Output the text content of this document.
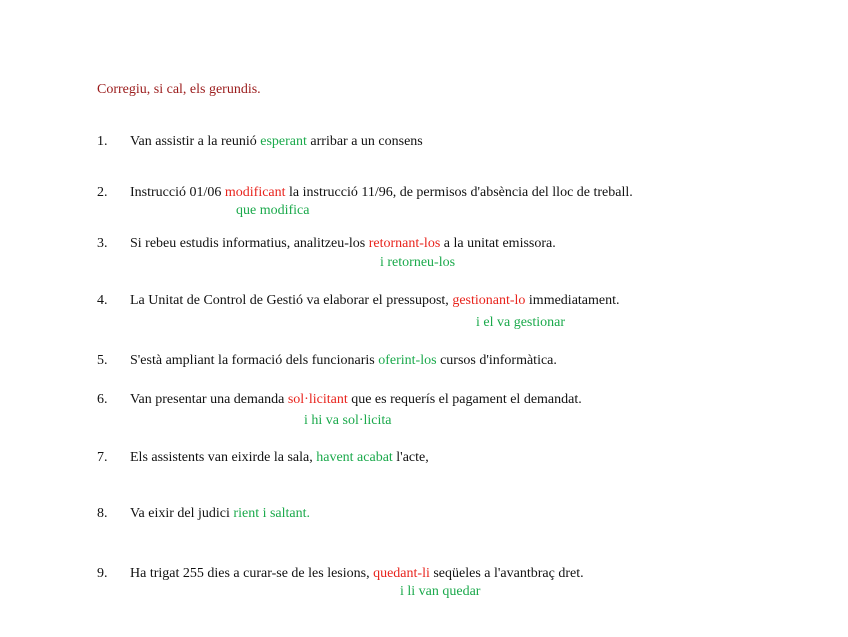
Corregiu, si cal, els gerundis.
1. Van assistir a la reunió esperant arribar a un consens
2. Instrucció 01/06 modificant la instrucció 11/96, de permisos d'absència del lloc de treball.
que modifica
3. Si rebeu estudis informatius, analitzeu-los retornant-los a la unitat emissora.
i retorneu-los
4. La Unitat de Control de Gestió va elaborar el pressupost, gestionant-lo immediatament.
i el va gestionar
5. S'està ampliant la formació dels funcionaris oferint-los cursos d'informàtica.
6. Van presentar una demanda sol·licitant que es requerís el pagament el demandat.
i hi va sol·licita
7. Els assistents van eixirde la sala, havent acabat l'acte,
8. Va eixir del judici rient i saltant.
9. Ha trigat 255 dies a curar-se de les lesions, quedant-li seqüeles a l'avantbraç dret.
i li van quedar
